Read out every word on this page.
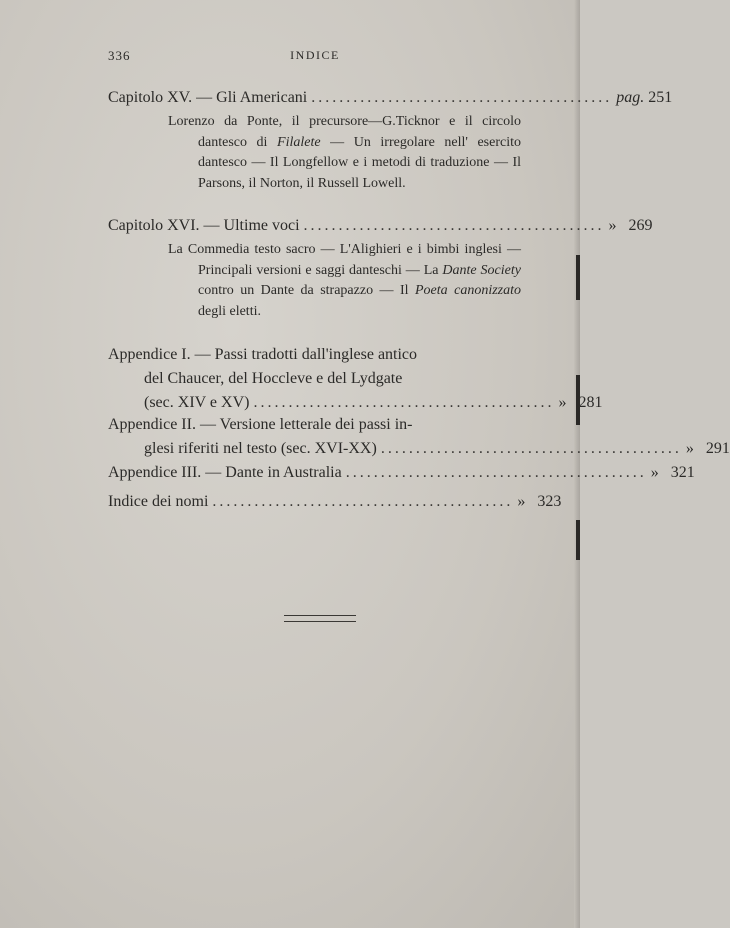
336	INDICE
Capitolo XV. — Gli Americani ........................................... pag. 251
Lorenzo da Ponte, il precursore—G.Ticknor e il circolo dantesco di Filalete — Un irregolare nell' esercito dantesco — Il Longfellow e i metodi di traduzione — Il Parsons, il Norton, il Russell Lowell.
Capitolo XVI. — Ultime voci ........................................... » 269
La Commedia testo sacro — L'Alighieri e i bimbi inglesi — Principali versioni e saggi danteschi — La Dante Society contro un Dante da strapazzo — Il Poeta canonizzato degli eletti.
Appendice I. — Passi tradotti dall'inglese antico
del Chaucer, del Hoccleve e del Lydgate
(sec. XIV e XV) ........................................... » 281
Appendice II. — Versione letterale dei passi in-
glesi riferiti nel testo (sec. XVI-XX) ........................................... » 291
Appendice III. — Dante in Australia ........................................... » 321
Indice dei nomi ........................................... » 323
